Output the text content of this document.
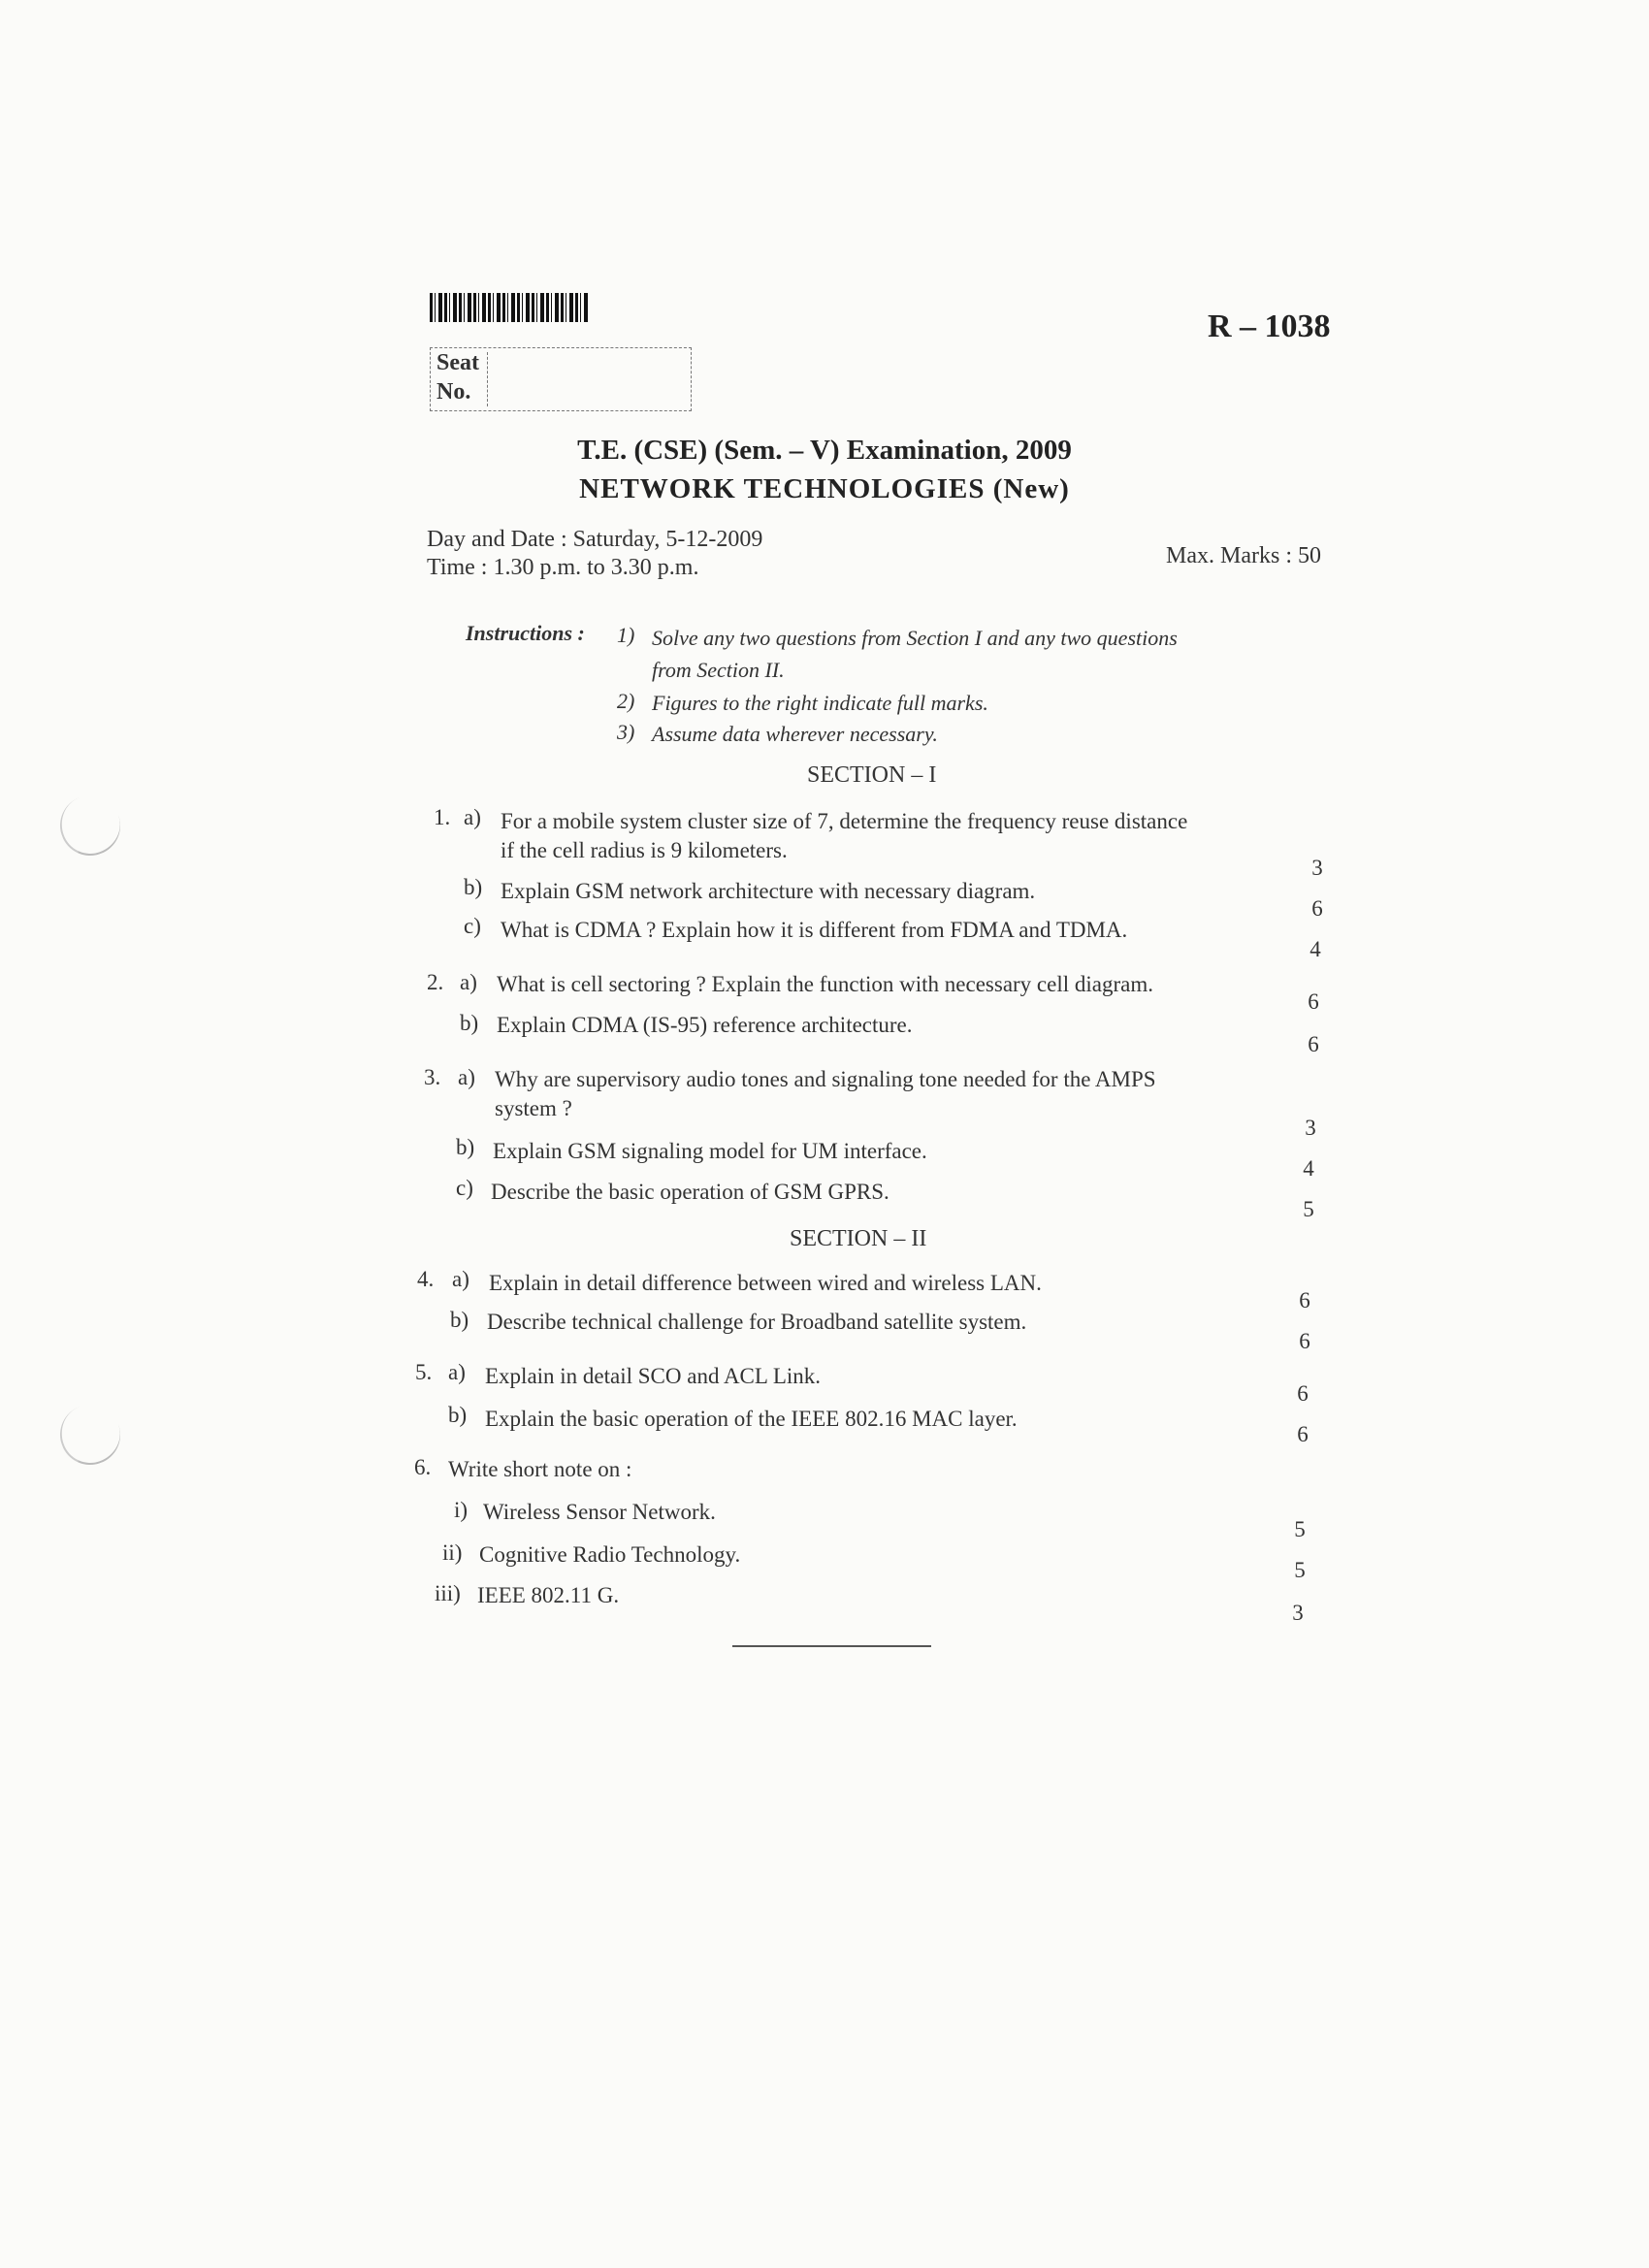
R – 1038
Seat
No.
T.E. (CSE) (Sem. – V) Examination, 2009
NETWORK TECHNOLOGIES (New)
Day and Date : Saturday, 5-12-2009
Time : 1.30 p.m. to 3.30 p.m.	Max. Marks : 50
Instructions : 1) Solve any two questions from Section I and any two questions
from Section II.
2) Figures to the right indicate full marks.
3) Assume data wherever necessary.
SECTION – I
1. a) For a mobile system cluster size of 7, determine the frequency reuse distance
if the cell radius is 9 kilometers.
3
b) Explain GSM network architecture with necessary diagram.
6
c) What is CDMA ? Explain how it is different from FDMA and TDMA.
4
2. a) What is cell sectoring ? Explain the function with necessary cell diagram.
6
b) Explain CDMA (IS-95) reference architecture.
6
3. a) Why are supervisory audio tones and signaling tone needed for the AMPS
system ?
3
b) Explain GSM signaling model for UM interface.
4
c) Describe the basic operation of GSM GPRS.
5
SECTION – II
4. a) Explain in detail difference between wired and wireless LAN.
6
b) Describe technical challenge for Broadband satellite system.
6
5. a) Explain in detail SCO and ACL Link.
6
b) Explain the basic operation of the IEEE 802.16 MAC layer.
6
6. Write short note on :
i) Wireless Sensor Network.
5
ii) Cognitive Radio Technology.
5
iii) IEEE 802.11 G.
3
